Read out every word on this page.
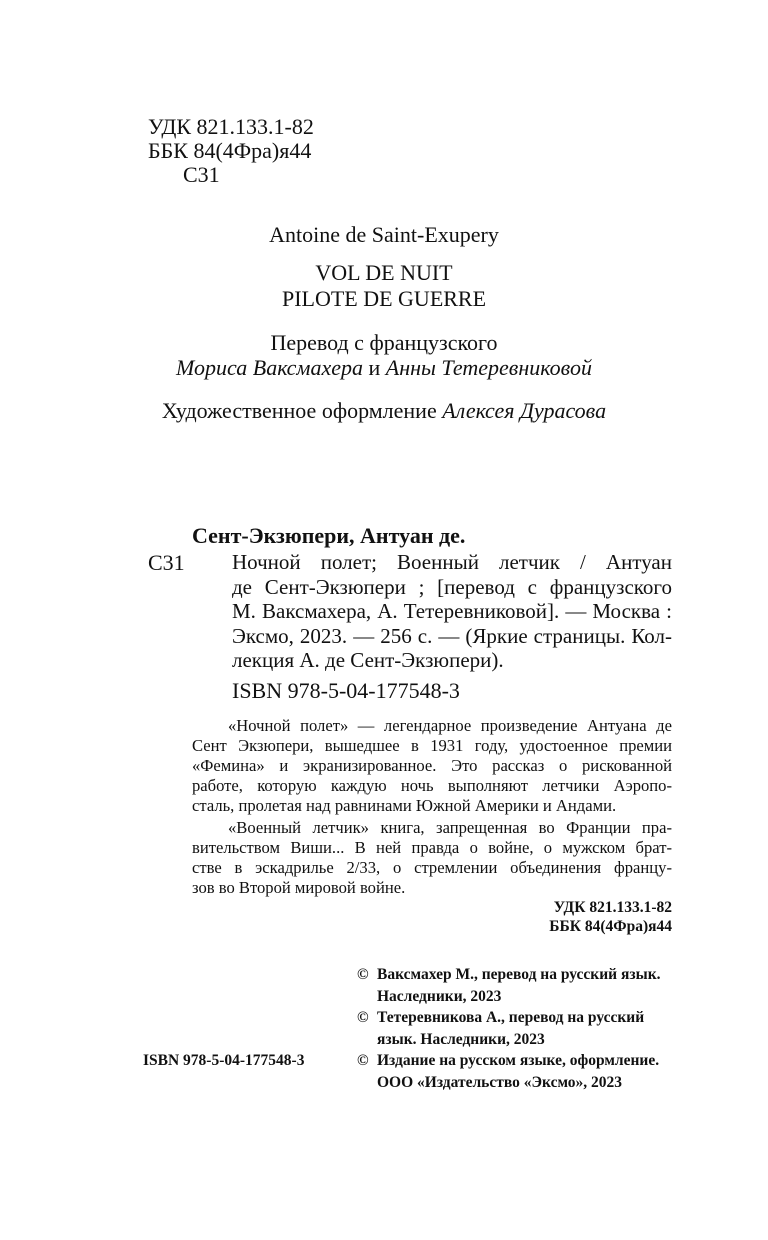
УДК 821.133.1-82
ББК 84(4Фра)я44
С31
Antoine de Saint-Exupery
VOL DE NUIT
PILOTE DE GUERRE
Перевод с французского
Мориса Ваксмахера и Анны Тетеревниковой
Художественное оформление Алексея Дурасова
Сент-Экзюпери, Антуан де.
С31 Ночной полет; Военный летчик / Антуан
де Сент-Экзюпери ; [перевод с французского
М. Ваксмахера, А. Тетеревниковой]. — Москва :
Эксмо, 2023. — 256 с. — (Яркие страницы. Кол-
лекция А. де Сент-Экзюпери).
ISBN 978-5-04-177548-3
«Ночной полет» — легендарное произведение Антуана де
Сент Экзюпери, вышедшее в 1931 году, удостоенное премии
«Фемина» и экранизированное. Это рассказ о рискованной
работе, которую каждую ночь выполняют летчики Аэропо-
сталь, пролетая над равнинами Южной Америки и Андами.
«Военный летчик» книга, запрещенная во Франции пра-
вительством Виши... В ней правда о войне, о мужском брат-
стве в эскадрилье 2/33, о стремлении объединения францу-
зов во Второй мировой войне.
УДК 821.133.1-82
ББК 84(4Фра)я44
© Ваксмахер М., перевод на русский язык.
Наследники, 2023
© Тетеревникова А., перевод на русский
язык. Наследники, 2023
© Издание на русском языке, оформление.
ООО «Издательство «Эксмо», 2023
ISBN 978-5-04-177548-3
